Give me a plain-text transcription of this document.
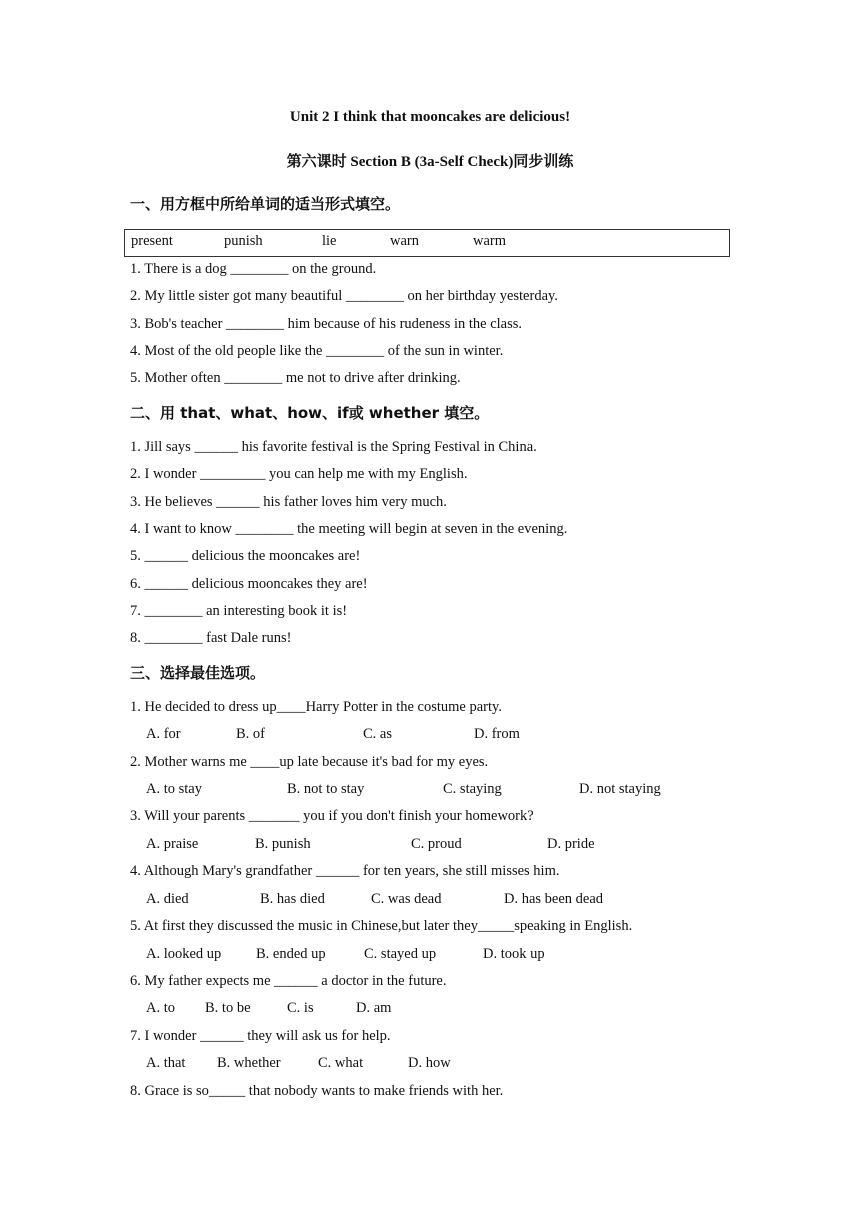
Unit 2 I think that mooncakes are delicious!
第六课时 Section B (3a-Self Check)同步训练
一、用方框中所给单词的适当形式填空。
present	punish	lie	warn	warm
1. There is a dog ________ on the ground.
2. My little sister got many beautiful ________ on her birthday yesterday.
3. Bob's teacher ________ him because of his rudeness in the class.
4. Most of the old people like the ________ of the sun in winter.
5. Mother often ________ me not to drive after drinking.
二、用 that、what、how、if或 whether 填空。
1. Jill says ______ his favorite festival is the Spring Festival in China.
2. I wonder _________ you can help me with my English.
3. He believes ______ his father loves him very much.
4. I want to know ________ the meeting will begin at seven in the evening.
5. ______ delicious the mooncakes are!
6. ______ delicious mooncakes they are!
7. ________ an interesting book it is!
8. ________ fast Dale runs!
三、选择最佳选项。
1. He decided to dress up____Harry Potter in the costume party.
A. for	B. of	C. as	D. from
2. Mother warns me ____up late because it's bad for my eyes.
A. to stay	B. not to stay	C. staying	D. not staying
3. Will your parents _______ you if you don't finish your homework?
A. praise	B. punish	C. proud	D. pride
4. Although Mary's grandfather ______ for ten years, she still misses him.
A. died	B. has died	C. was dead	D. has been dead
5. At first they discussed the music in Chinese,but later they_____speaking in English.
A. looked up B. ended up	C. stayed up	D. took up
6. My father expects me ______ a doctor in the future.
A. to B. to be	C. is	D. am
7. I wonder ______ they will ask us for help.
A. that B. whether	C. what	D. how
8. Grace is so_____ that nobody wants to make friends with her.
